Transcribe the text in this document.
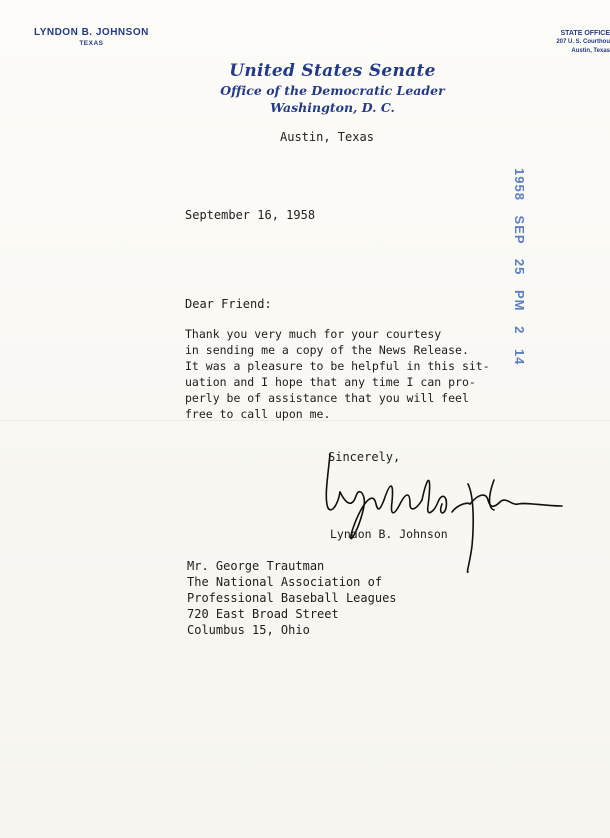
LYNDON B. JOHNSON
TEXAS
STATE OFFICE
207 U. S. Courthou
Austin, Texas
United States Senate
Office of the Democratic Leader
Washington, D. C.
Austin, Texas
1958 SEP 25 PM 2 14
September 16, 1958
Dear Friend:
Thank you very much for your courtesy
in sending me a copy of the News Release.
It was a pleasure to be helpful in this sit-
uation and I hope that any time I can pro-
perly be of assistance that you will feel
free to call upon me.
Sincerely,
Lyndon B. Johnson
Mr. George Trautman
The National Association of
Professional Baseball Leagues
720 East Broad Street
Columbus 15, Ohio
